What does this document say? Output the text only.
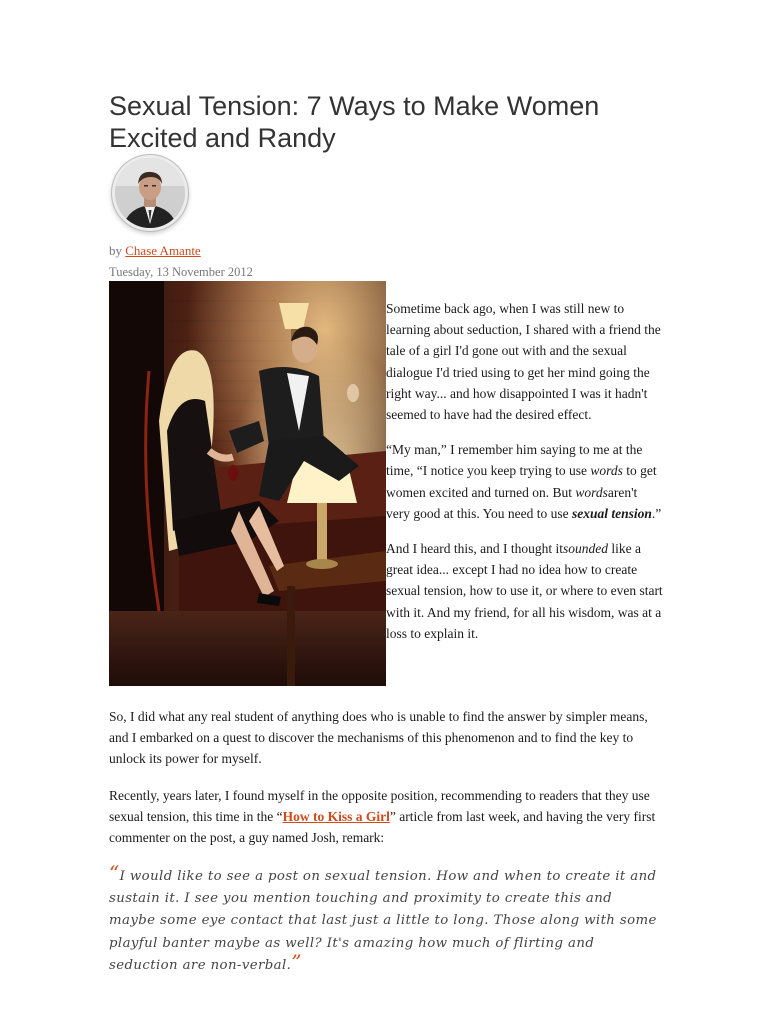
Sexual Tension: 7 Ways to Make Women Excited and Randy
by Chase Amante
Tuesday, 13 November 2012

Sometime back ago, when I was still new to learning about seduction, I shared with a friend the tale of a girl I'd gone out with and the sexual dialogue I'd tried using to get her mind going the right way... and how disappointed I was it hadn't seemed to have had the desired effect.

“My man,” I remember him saying to me at the time, “I notice you keep trying to use words to get women excited and turned on. But wordsaren't very good at this. You need to use sexual tension.”

And I heard this, and I thought itsounded like a great idea... except I had no idea how to create sexual tension, how to use it, or where to even start with it. And my friend, for all his wisdom, was at a loss to explain it.

So, I did what any real student of anything does who is unable to find the answer by simpler means, and I embarked on a quest to discover the mechanisms of this phenomenon and to find the key to unlock its power for myself.

Recently, years later, I found myself in the opposite position, recommending to readers that they use sexual tension, this time in the “How to Kiss a Girl” article from last week, and having the very first commenter on the post, a guy named Josh, remark:

“I would like to see a post on sexual tension. How and when to create it and sustain it. I see you mention touching and proximity to create this and maybe some eye contact that last just a little to long. Those along with some playful banter maybe as well? It's amazing how much of flirting and seduction are non-verbal.”
